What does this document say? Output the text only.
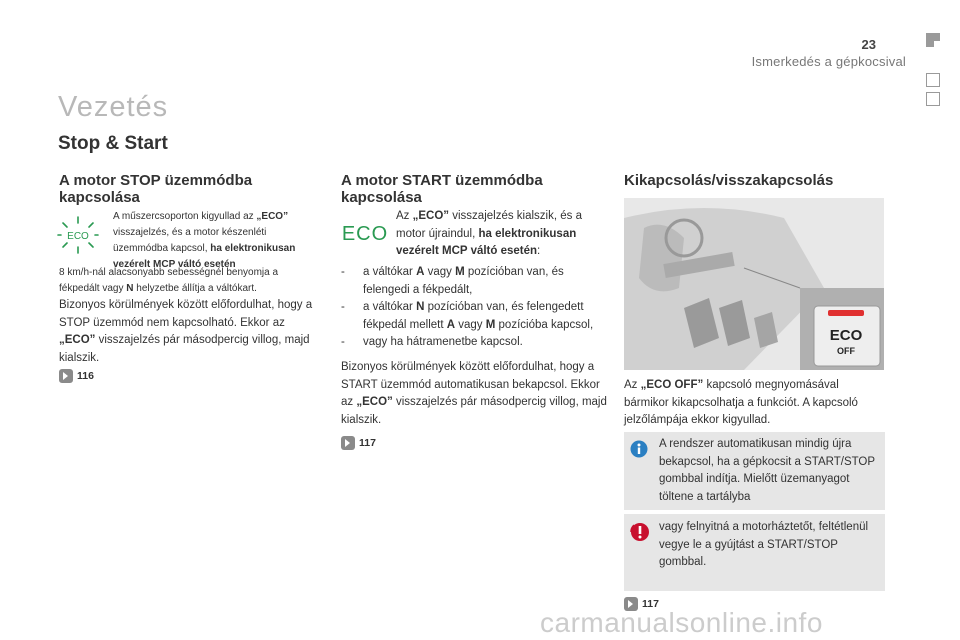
23
Ismerkedés a gépkocsival
Vezetés
Stop & Start
A motor STOP üzemmódba kapcsolása
ECO
A műszercsoporton kigyullad az „ECO” visszajelzés, és a motor készenléti üzemmódba kapcsol, ha elektronikusan vezérelt MCP váltó esetén
8 km/h-nál alacsonyabb sebességnél benyomja a fékpedált vagy N helyzetbe állítja a váltókart.
Bizonyos körülmények között előfordulhat, hogy a STOP üzemmód nem kapcsolható. Ekkor az „ECO” visszajelzés pár másodpercig villog, majd kialszik.
116
A motor START üzemmódba kapcsolása
ECO
Az „ECO” visszajelzés kialszik, és a motor újraindul, ha elektronikusan vezérelt MCP váltó esetén:
- a váltókar A vagy M pozícióban van, és felengedi a fékpedált,
- a váltókar N pozícióban van, és felengedett fékpedál mellett A vagy M pozícióba kapcsol,
- vagy ha hátramenetbe kapcsol.
Bizonyos körülmények között előfordulhat, hogy a START üzemmód automatikusan bekapcsol. Ekkor az „ECO” visszajelzés pár másodpercig villog, majd kialszik.
117
Kikapcsolás/visszakapcsolás
ECO
OFF
Az „ECO OFF” kapcsoló megnyomásával bármikor kikapcsolhatja a funkciót. A kapcsoló jelzőlámpája ekkor kigyullad.
A rendszer automatikusan mindig újra bekapcsol, ha a gépkocsit a START/STOP gombbal indítja. Mielőtt üzemanyagot töltene a tartályba
vagy felnyitná a motorháztetőt, feltétlenül vegye le a gyújtást a START/STOP gombbal.
117
carmanualsonline.info
